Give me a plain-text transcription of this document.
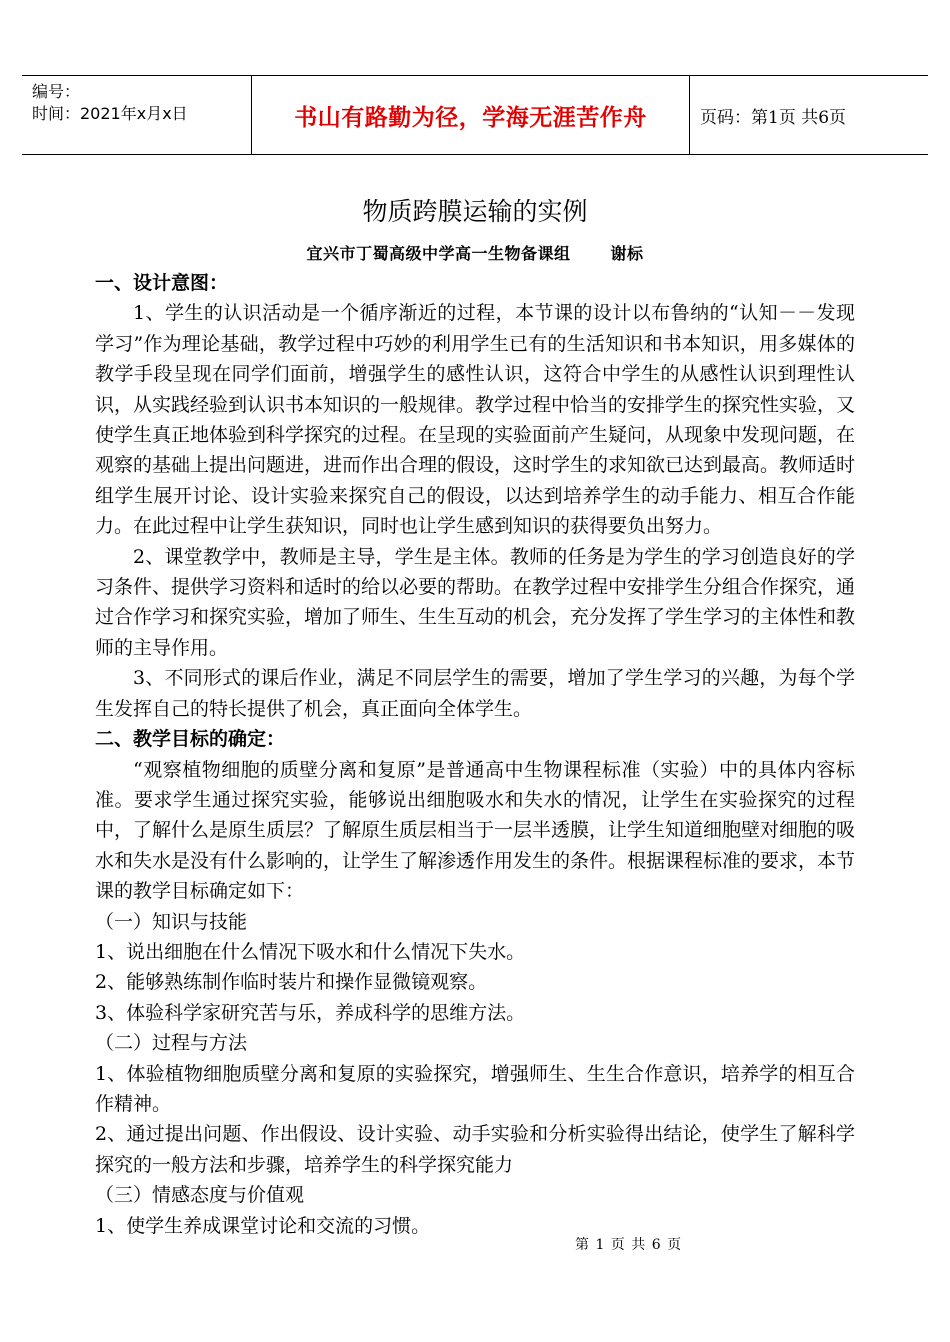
编号：
时间：2021年x月x日	书山有路勤为径，学海无涯苦作舟	页码：第1页 共6页
物质跨膜运输的实例
宜兴市丁蜀高级中学高一生物备课组	谢标

一、设计意图：

1、学生的认识活动是一个循序渐近的过程，本节课的设计以布鲁纳的“认知－－发现学习”作为理论基础，教学过程中巧妙的利用学生已有的生活知识和书本知识，用多媒体的教学手段呈现在同学们面前，增强学生的感性认识，这符合中学生的从感性认识到理性认识，从实践经验到认识书本知识的一般规律。教学过程中恰当的安排学生的探究性实验，又使学生真正地体验到科学探究的过程。在呈现的实验面前产生疑问，从现象中发现问题，在观察的基础上提出问题进，进而作出合理的假设，这时学生的求知欲已达到最高。教师适时组学生展开讨论、设计实验来探究自己的假设，以达到培养学生的动手能力、相互合作能力。在此过程中让学生获知识，同时也让学生感到知识的获得要负出努力。

2、课堂教学中，教师是主导，学生是主体。教师的任务是为学生的学习创造良好的学习条件、提供学习资料和适时的给以必要的帮助。在教学过程中安排学生分组合作探究，通过合作学习和探究实验，增加了师生、生生互动的机会，充分发挥了学生学习的主体性和教师的主导作用。

3、不同形式的课后作业，满足不同层学生的需要，增加了学生学习的兴趣，为每个学生发挥自己的特长提供了机会，真正面向全体学生。

二、教学目标的确定：

“观察植物细胞的质壁分离和复原”是普通高中生物课程标准（实验）中的具体内容标准。要求学生通过探究实验，能够说出细胞吸水和失水的情况，让学生在实验探究的过程中，了解什么是原生质层？了解原生质层相当于一层半透膜，让学生知道细胞壁对细胞的吸水和失水是没有什么影响的，让学生了解渗透作用发生的条件。根据课程标准的要求，本节课的教学目标确定如下：

（一）知识与技能

1、说出细胞在什么情况下吸水和什么情况下失水。

2、能够熟练制作临时装片和操作显微镜观察。

3、体验科学家研究苦与乐，养成科学的思维方法。

（二）过程与方法

1、体验植物细胞质壁分离和复原的实验探究，增强师生、生生合作意识，培养学的相互合作精神。

2、通过提出问题、作出假设、设计实验、动手实验和分析实验得出结论，使学生了解科学探究的一般方法和步骤，培养学生的科学探究能力

（三）情感态度与价值观

1、使学生养成课堂讨论和交流的习惯。

第 1 页 共 6 页
